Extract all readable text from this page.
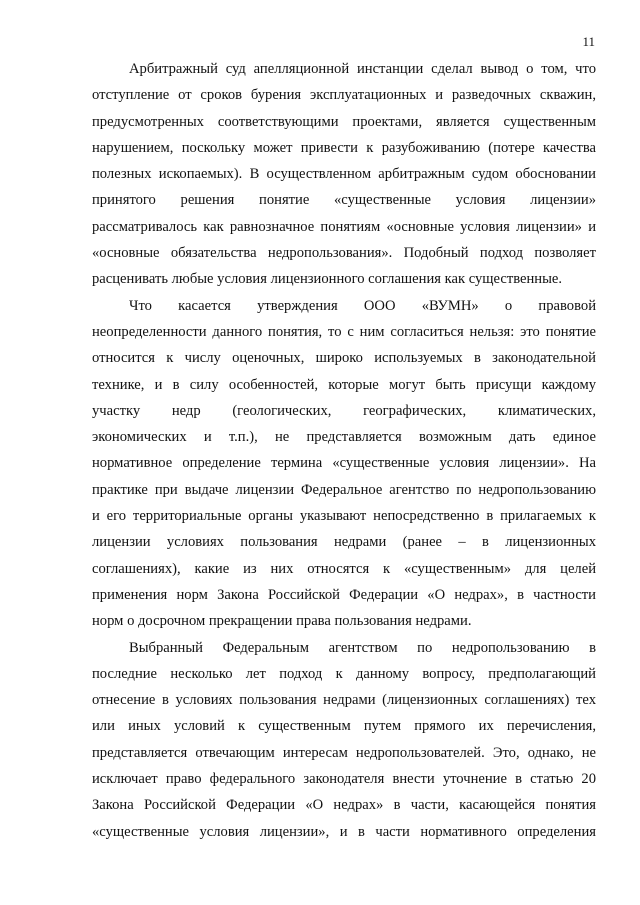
11
Арбитражный суд апелляционной инстанции сделал вывод о том, что
отступление от сроков бурения эксплуатационных и разведочных скважин,
предусмотренных соответствующими проектами, является существенным
нарушением, поскольку может привести к разубоживанию (потере качества
полезных ископаемых). В осуществленном арбитражным судом обосновании
принятого решения понятие «существенные условия лицензии»
рассматривалось как равнозначное понятиям «основные условия лицензии» и
«основные обязательства недропользования». Подобный подход позволяет
расценивать любые условия лицензионного соглашения как существенные.
Что касается утверждения ООО «ВУМН» о правовой
неопределенности данного понятия, то с ним согласиться нельзя: это понятие
относится к числу оценочных, широко используемых в законодательной
технике, и в силу особенностей, которые могут быть присущи каждому
участку недр (геологических, географических, климатических,
экономических и т.п.), не представляется возможным дать единое
нормативное определение термина «существенные условия лицензии». На
практике при выдаче лицензии Федеральное агентство по недропользованию
и его территориальные органы указывают непосредственно в прилагаемых к
лицензии условиях пользования недрами (ранее – в лицензионных
соглашениях), какие из них относятся к «существенным» для целей
применения норм Закона Российской Федерации «О недрах», в частности
норм о досрочном прекращении права пользования недрами.
Выбранный Федеральным агентством по недропользованию в
последние несколько лет подход к данному вопросу, предполагающий
отнесение в условиях пользования недрами (лицензионных соглашениях) тех
или иных условий к существенным путем прямого их перечисления,
представляется отвечающим интересам недропользователей. Это, однако, не
исключает право федерального законодателя внести уточнение в статью 20
Закона Российской Федерации «О недрах» в части, касающейся понятия
«существенные условия лицензии», и в части нормативного определения
